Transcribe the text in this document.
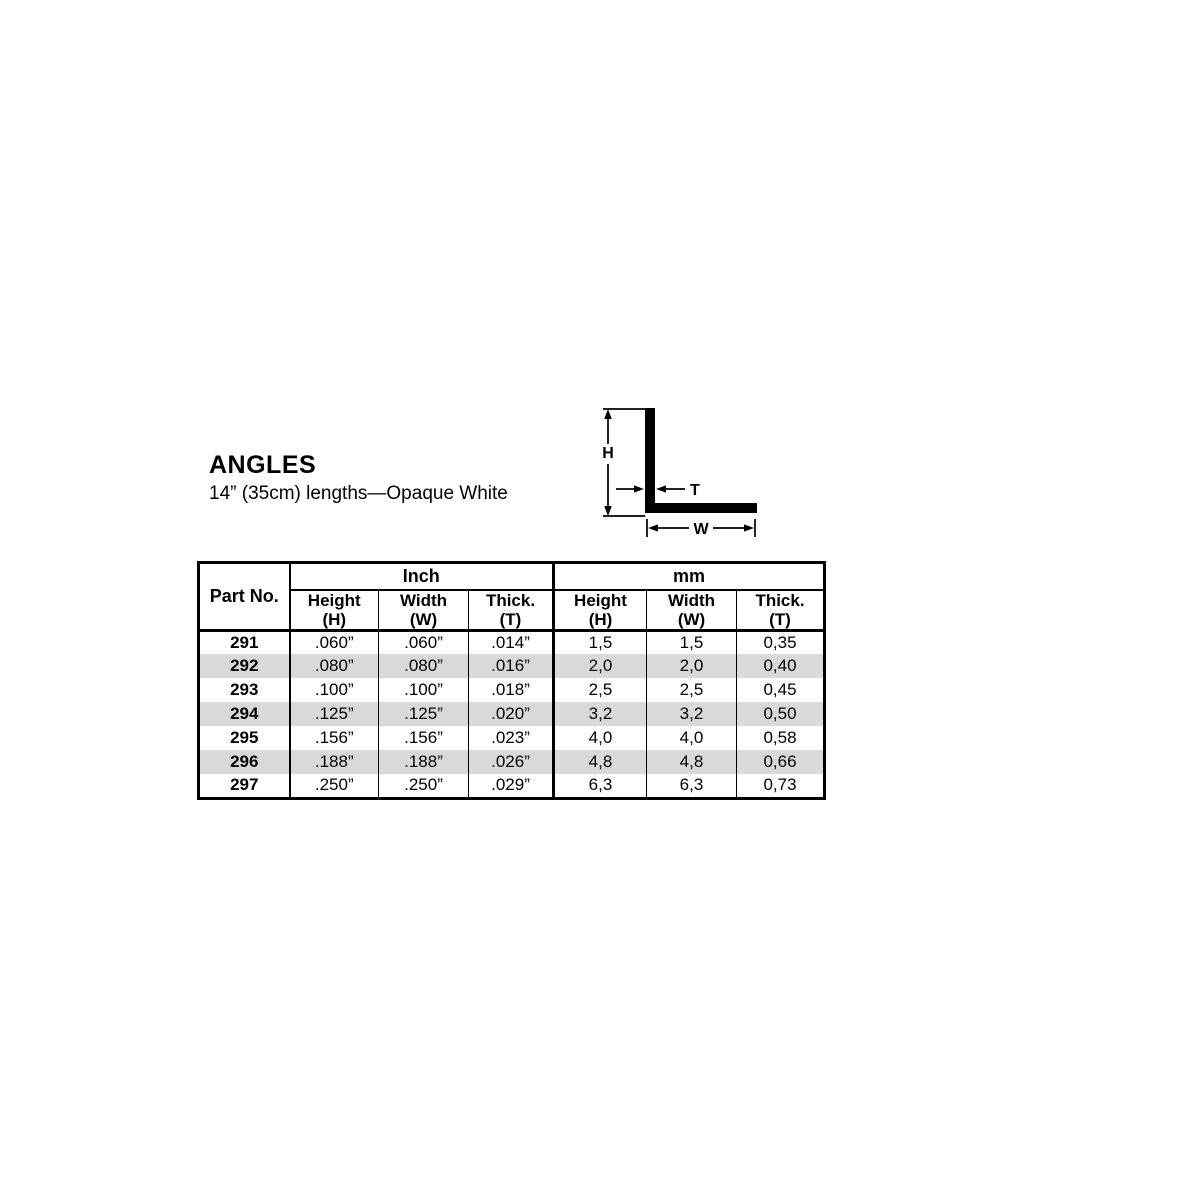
ANGLES

14” (35cm) lengths—Opaque White

H
T
W
Part No.	Inch			mm		

	Height
(H)	Width
(W)	Thick.
(T)	Height
(H)	Width
(W)	Thick.
(T)

291	.060”	.060”	.014”	1,5	1,5	0,35
292	.080”	.080”	.016”	2,0	2,0	0,40
293	.100”	.100”	.018”	2,5	2,5	0,45
294	.125”	.125”	.020”	3,2	3,2	0,50
295	.156”	.156”	.023”	4,0	4,0	0,58
296	.188”	.188”	.026”	4,8	4,8	0,66
297	.250”	.250”	.029”	6,3	6,3	0,73
